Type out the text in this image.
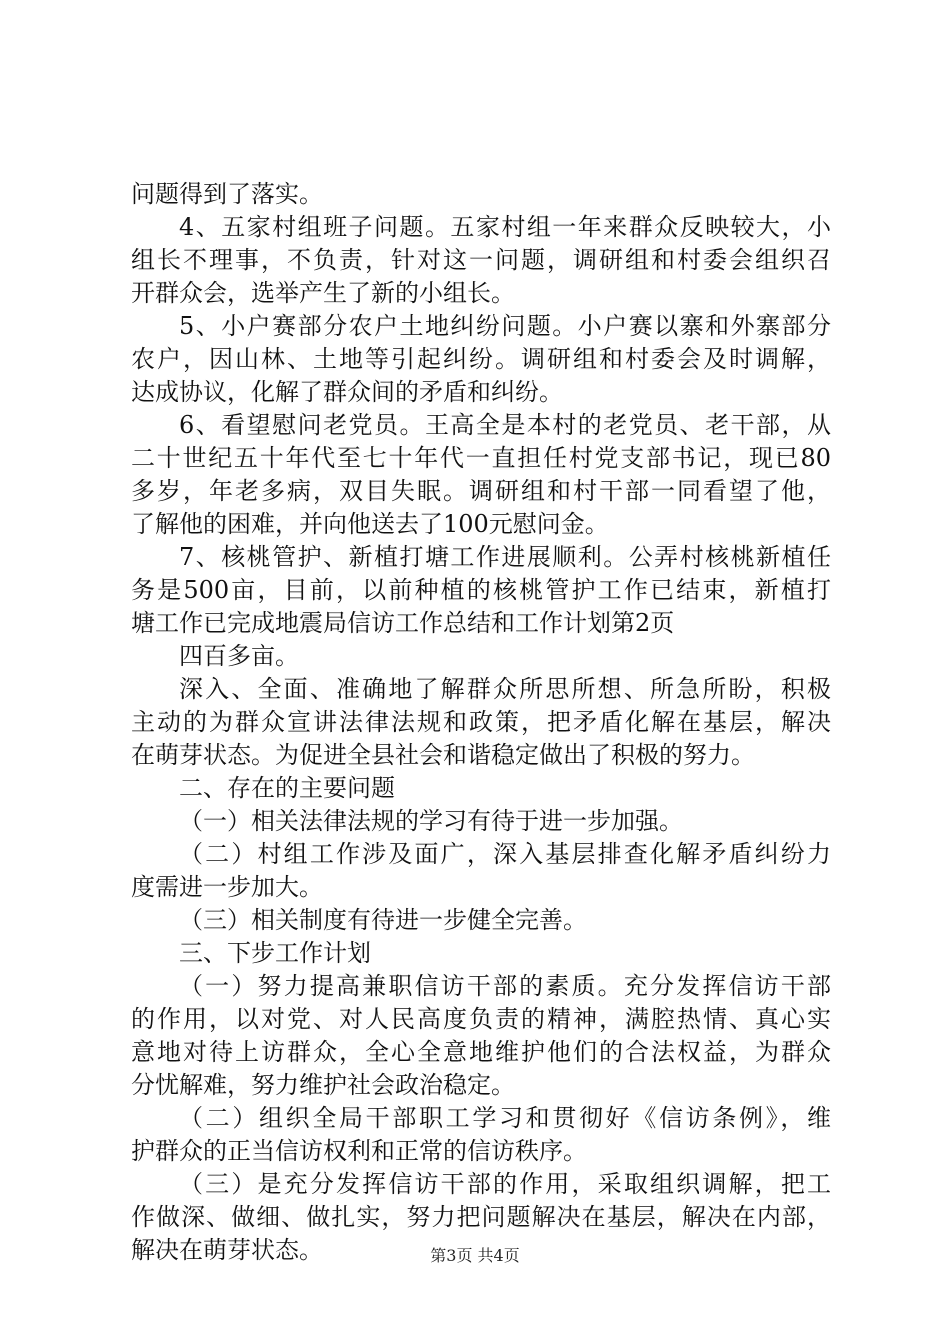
问题得到了落实。
4、五家村组班子问题。五家村组一年来群众反映较大，小
组长不理事，不负责，针对这一问题，调研组和村委会组织召
开群众会，选举产生了新的小组长。
5、小户赛部分农户土地纠纷问题。小户赛以寨和外寨部分
农户，因山林、土地等引起纠纷。调研组和村委会及时调解，
达成协议，化解了群众间的矛盾和纠纷。
6、看望慰问老党员。王高全是本村的老党员、老干部，从
二十世纪五十年代至七十年代一直担任村党支部书记，现已80
多岁，年老多病，双目失眠。调研组和村干部一同看望了他，
了解他的困难，并向他送去了100元慰问金。
7、核桃管护、新植打塘工作进展顺利。公弄村核桃新植任
务是500亩，目前，以前种植的核桃管护工作已结束，新植打
塘工作已完成地震局信访工作总结和工作计划第2页
四百多亩。
深入、全面、准确地了解群众所思所想、所急所盼，积极
主动的为群众宣讲法律法规和政策，把矛盾化解在基层，解决
在萌芽状态。为促进全县社会和谐稳定做出了积极的努力。
二、存在的主要问题
（一）相关法律法规的学习有待于进一步加强。
（二）村组工作涉及面广，深入基层排查化解矛盾纠纷力
度需进一步加大。
（三）相关制度有待进一步健全完善。
三、下步工作计划
（一）努力提高兼职信访干部的素质。充分发挥信访干部
的作用，以对党、对人民高度负责的精神，满腔热情、真心实
意地对待上访群众，全心全意地维护他们的合法权益，为群众
分忧解难，努力维护社会政治稳定。
（二）组织全局干部职工学习和贯彻好《信访条例》，维
护群众的正当信访权利和正常的信访秩序。
（三）是充分发挥信访干部的作用，采取组织调解，把工
作做深、做细、做扎实，努力把问题解决在基层，解决在内部，
解决在萌芽状态。	第3页 共4页
